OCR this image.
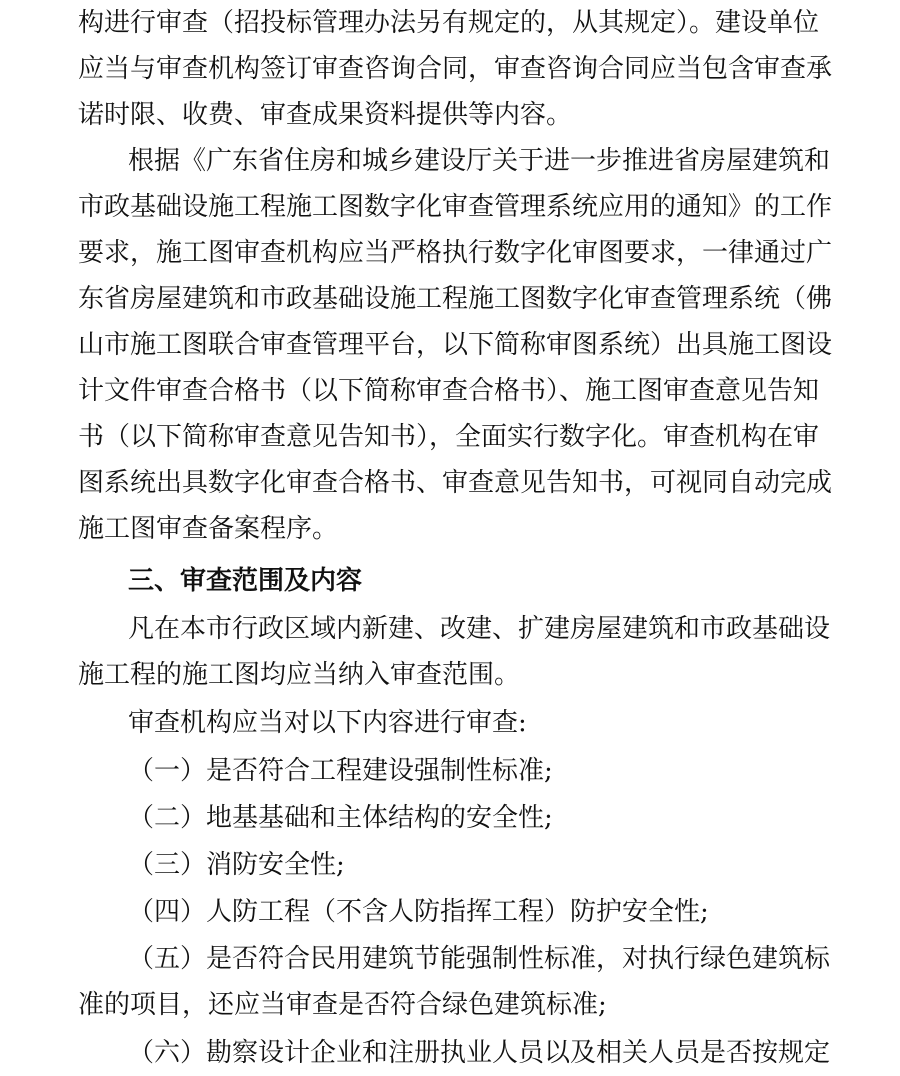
构进行审查（招投标管理办法另有规定的，从其规定）。建设单位
应当与审查机构签订审查咨询合同，审查咨询合同应当包含审查承
诺时限、收费、审查成果资料提供等内容。
根据《广东省住房和城乡建设厅关于进一步推进省房屋建筑和
市政基础设施工程施工图数字化审查管理系统应用的通知》的工作
要求，施工图审查机构应当严格执行数字化审图要求，一律通过广
东省房屋建筑和市政基础设施工程施工图数字化审查管理系统（佛
山市施工图联合审查管理平台，以下简称审图系统）出具施工图设
计文件审查合格书（以下简称审查合格书）、施工图审查意见告知
书（以下简称审查意见告知书），全面实行数字化。审查机构在审
图系统出具数字化审查合格书、审查意见告知书，可视同自动完成
施工图审查备案程序。
三、审查范围及内容
凡在本市行政区域内新建、改建、扩建房屋建筑和市政基础设
施工程的施工图均应当纳入审查范围。
审查机构应当对以下内容进行审查:
（一）是否符合工程建设强制性标准;
（二）地基基础和主体结构的安全性;
（三）消防安全性;
（四）人防工程（不含人防指挥工程）防护安全性;
（五）是否符合民用建筑节能强制性标准，对执行绿色建筑标
准的项目，还应当审查是否符合绿色建筑标准;
（六）勘察设计企业和注册执业人员以及相关人员是否按规定
